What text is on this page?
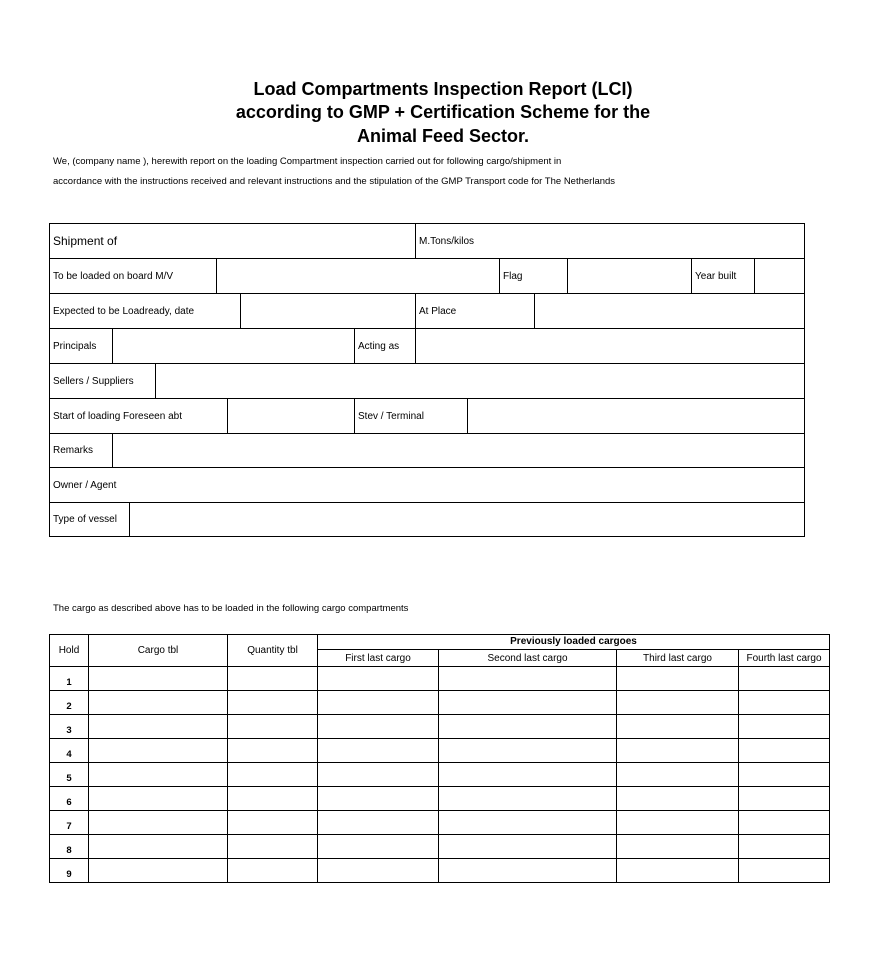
Load Compartments Inspection Report (LCI)
according to GMP + Certification Scheme for the
Animal Feed Sector.
We, (company name ), herewith report on the loading Compartment inspection carried out for following cargo/shipment in
accordance with the instructions received and relevant instructions and the stipulation of the GMP Transport code for The Netherlands
Shipment of	M.Tons/kilos
To be loaded on board M/V	Flag	Year built
Expected to be Loadready, date	At Place
Principals	Acting as
Sellers / Suppliers
Start of loading Foreseen abt	Stev / Terminal
Remarks
Owner / Agent
Type of vessel
The cargo as described above has to be loaded in the following cargo compartments
Hold	Cargo tbl	Quantity tbl	Previously loaded cargoes			
			First last cargo	Second last cargo	Third last cargo	Fourth last cargo
1						
2						
3						
4						
5						
6						
7						
8						
9						
